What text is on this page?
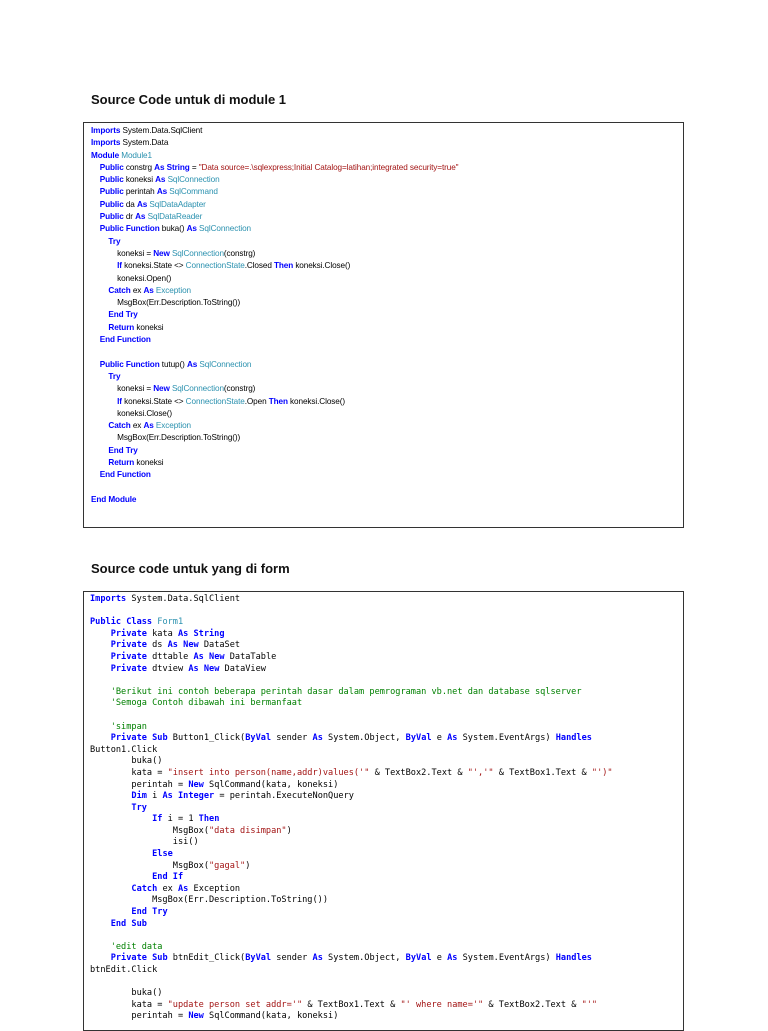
Source Code untuk di module 1
Imports System.Data.SqlClient
Imports System.Data
Module Module1
Public constrg As String = "Data source=.\sqlexpress;Initial Catalog=latihan;integrated security=true"
Public koneksi As SqlConnection
Public perintah As SqlCommand
Public da As SqlDataAdapter
Public dr As SqlDataReader
Public Function buka() As SqlConnection
Try
koneksi = New SqlConnection(constrg)
If koneksi.State <> ConnectionState.Closed Then koneksi.Close()
koneksi.Open()
Catch ex As Exception
MsgBox(Err.Description.ToString())
End Try
Return koneksi
End Function

Public Function tutup() As SqlConnection
Try
koneksi = New SqlConnection(constrg)
If koneksi.State <> ConnectionState.Open Then koneksi.Close()
koneksi.Close()
Catch ex As Exception
MsgBox(Err.Description.ToString())
End Try
Return koneksi
End Function

End Module
Source code untuk yang di form
Imports System.Data.SqlClient

Public Class Form1
Private kata As String
Private ds As New DataSet
Private dttable As New DataTable
Private dtview As New DataView

'Berikut ini contoh beberapa perintah dasar dalam pemrograman vb.net dan database sqlserver
'Semoga Contoh dibawah ini bermanfaat

'simpan
Private Sub Button1_Click(ByVal sender As System.Object, ByVal e As System.EventArgs) Handles
Button1.Click
buka()
kata = "insert into person(name,addr)values('" & TextBox2.Text & "','" & TextBox1.Text & "')"
perintah = New SqlCommand(kata, koneksi)
Dim i As Integer = perintah.ExecuteNonQuery
Try
If i = 1 Then
MsgBox("data disimpan")
isi()
Else
MsgBox("gagal")
End If
Catch ex As Exception
MsgBox(Err.Description.ToString())
End Try
End Sub

'edit data
Private Sub btnEdit_Click(ByVal sender As System.Object, ByVal e As System.EventArgs) Handles
btnEdit.Click

buka()
kata = "update person set addr='" & TextBox1.Text & "' where name='" & TextBox2.Text & "'"
perintah = New SqlCommand(kata, koneksi)
